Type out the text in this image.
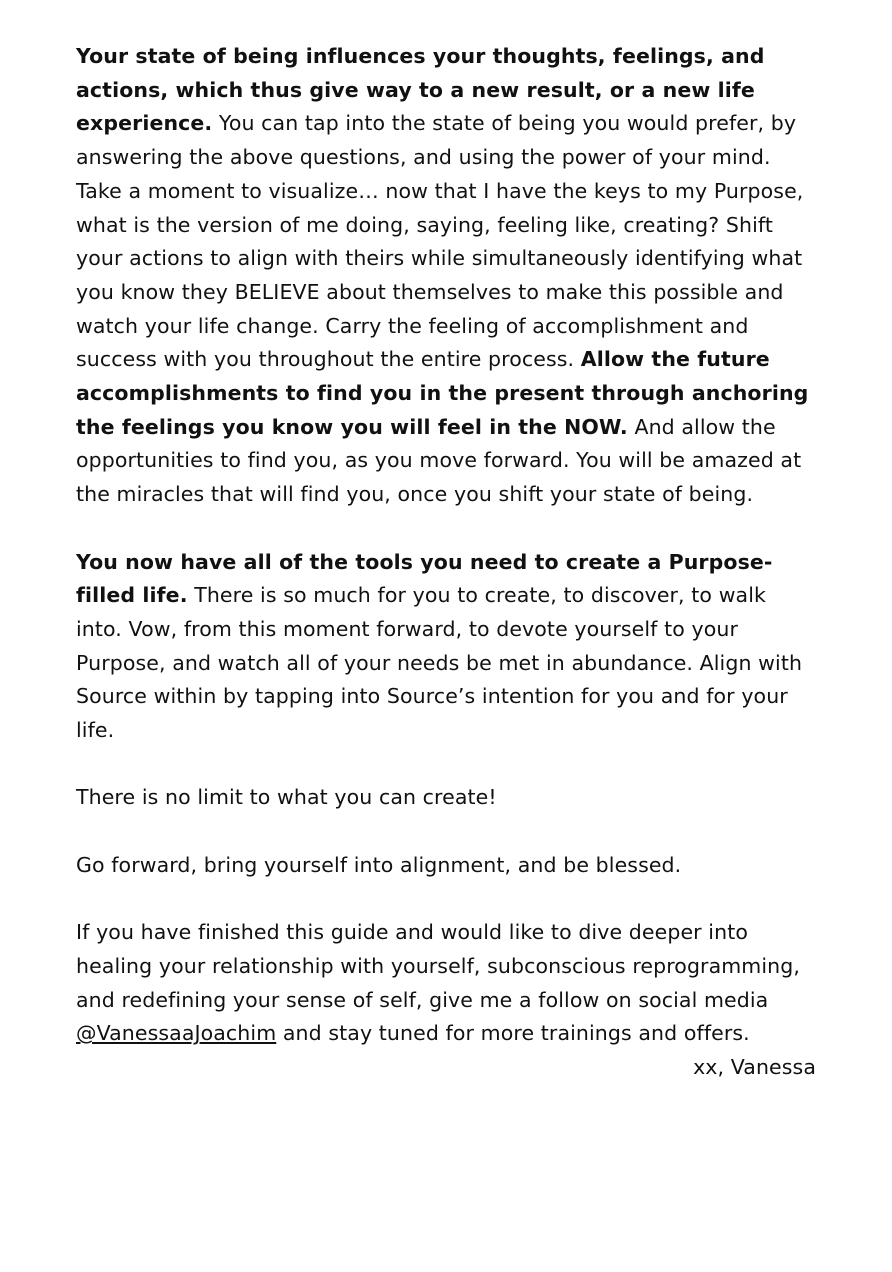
Your state of being influences your thoughts, feelings, and actions, which thus give way to a new result, or a new life experience. You can tap into the state of being you would prefer, by answering the above questions, and using the power of your mind. Take a moment to visualize… now that I have the keys to my Purpose, what is the version of me doing, saying, feeling like, creating? Shift your actions to align with theirs while simultaneously identifying what you know they BELIEVE about themselves to make this possible and watch your life change. Carry the feeling of accomplishment and success with you throughout the entire process. Allow the future accomplishments to find you in the present through anchoring the feelings you know you will feel in the NOW. And allow the opportunities to find you, as you move forward. You will be amazed at the miracles that will find you, once you shift your state of being.

You now have all of the tools you need to create a Purpose-filled life. There is so much for you to create, to discover, to walk into. Vow, from this moment forward, to devote yourself to your Purpose, and watch all of your needs be met in abundance. Align with Source within by tapping into Source’s intention for you and for your life.

There is no limit to what you can create!

Go forward, bring yourself into alignment, and be blessed.

If you have finished this guide and would like to dive deeper into healing your relationship with yourself, subconscious reprogramming, and redefining your sense of self, give me a follow on social media @VanessaaJoachim and stay tuned for more trainings and offers.

xx, Vanessa
